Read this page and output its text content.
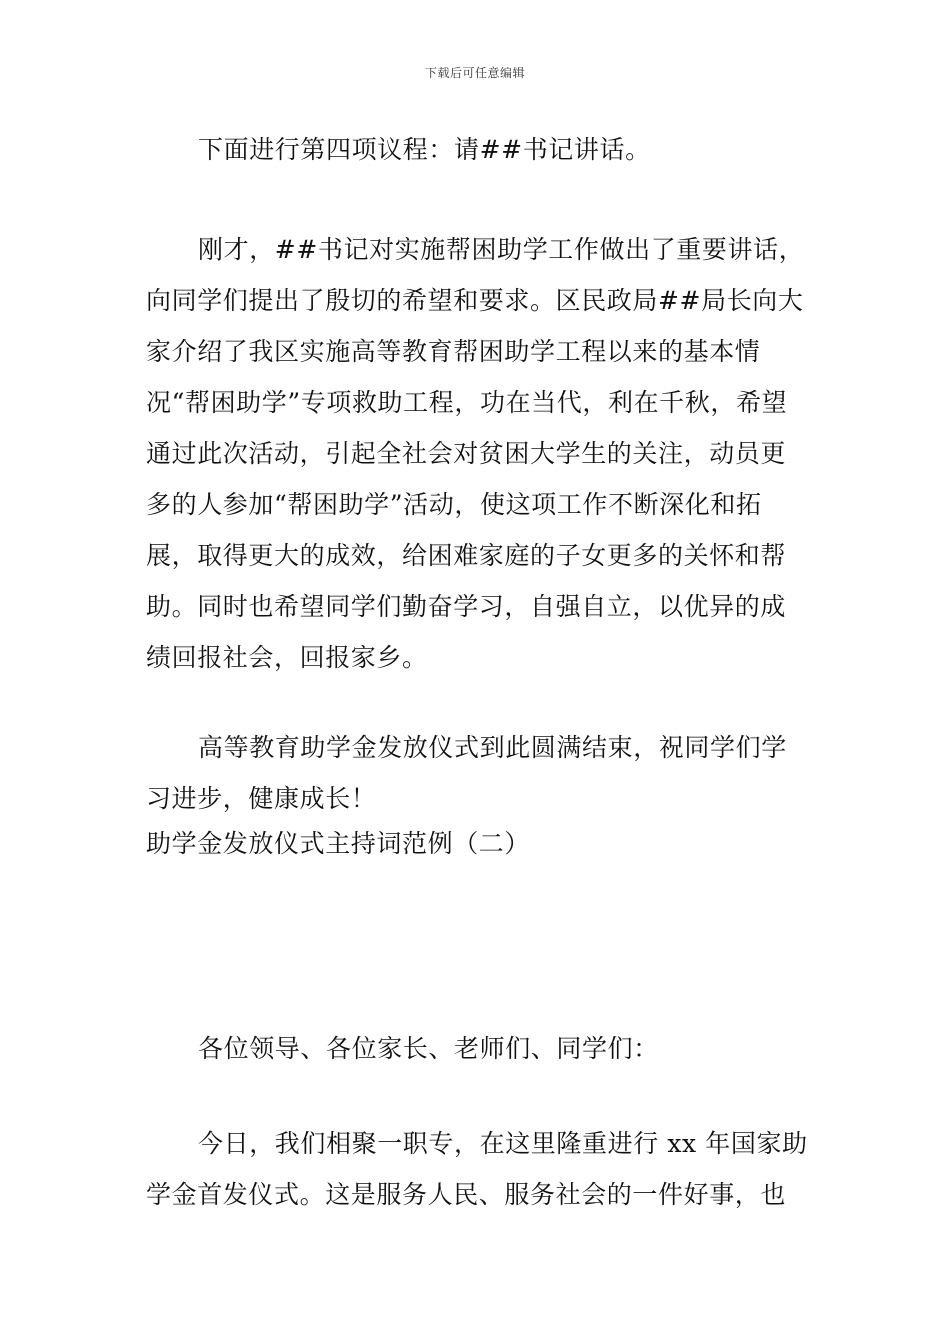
下载后可任意编辑

下面进行第四项议程：请##书记讲话。

刚才，##书记对实施帮困助学工作做出了重要讲话，向同学们提出了殷切的希望和要求。区民政局##局长向大家介绍了我区实施高等教育帮困助学工程以来的基本情况“帮困助学”专项救助工程，功在当代，利在千秋，希望通过此次活动，引起全社会对贫困大学生的关注，动员更多的人参加“帮困助学”活动，使这项工作不断深化和拓展，取得更大的成效，给困难家庭的子女更多的关怀和帮助。同时也希望同学们勤奋学习，自强自立，以优异的成绩回报社会，回报家乡。

高等教育助学金发放仪式到此圆满结束，祝同学们学习进步，健康成长！

助学金发放仪式主持词范例（二）

各位领导、各位家长、老师们、同学们：

今日，我们相聚一职专，在这里隆重进行 xx 年国家助学金首发仪式。这是服务人民、服务社会的一件好事，也
